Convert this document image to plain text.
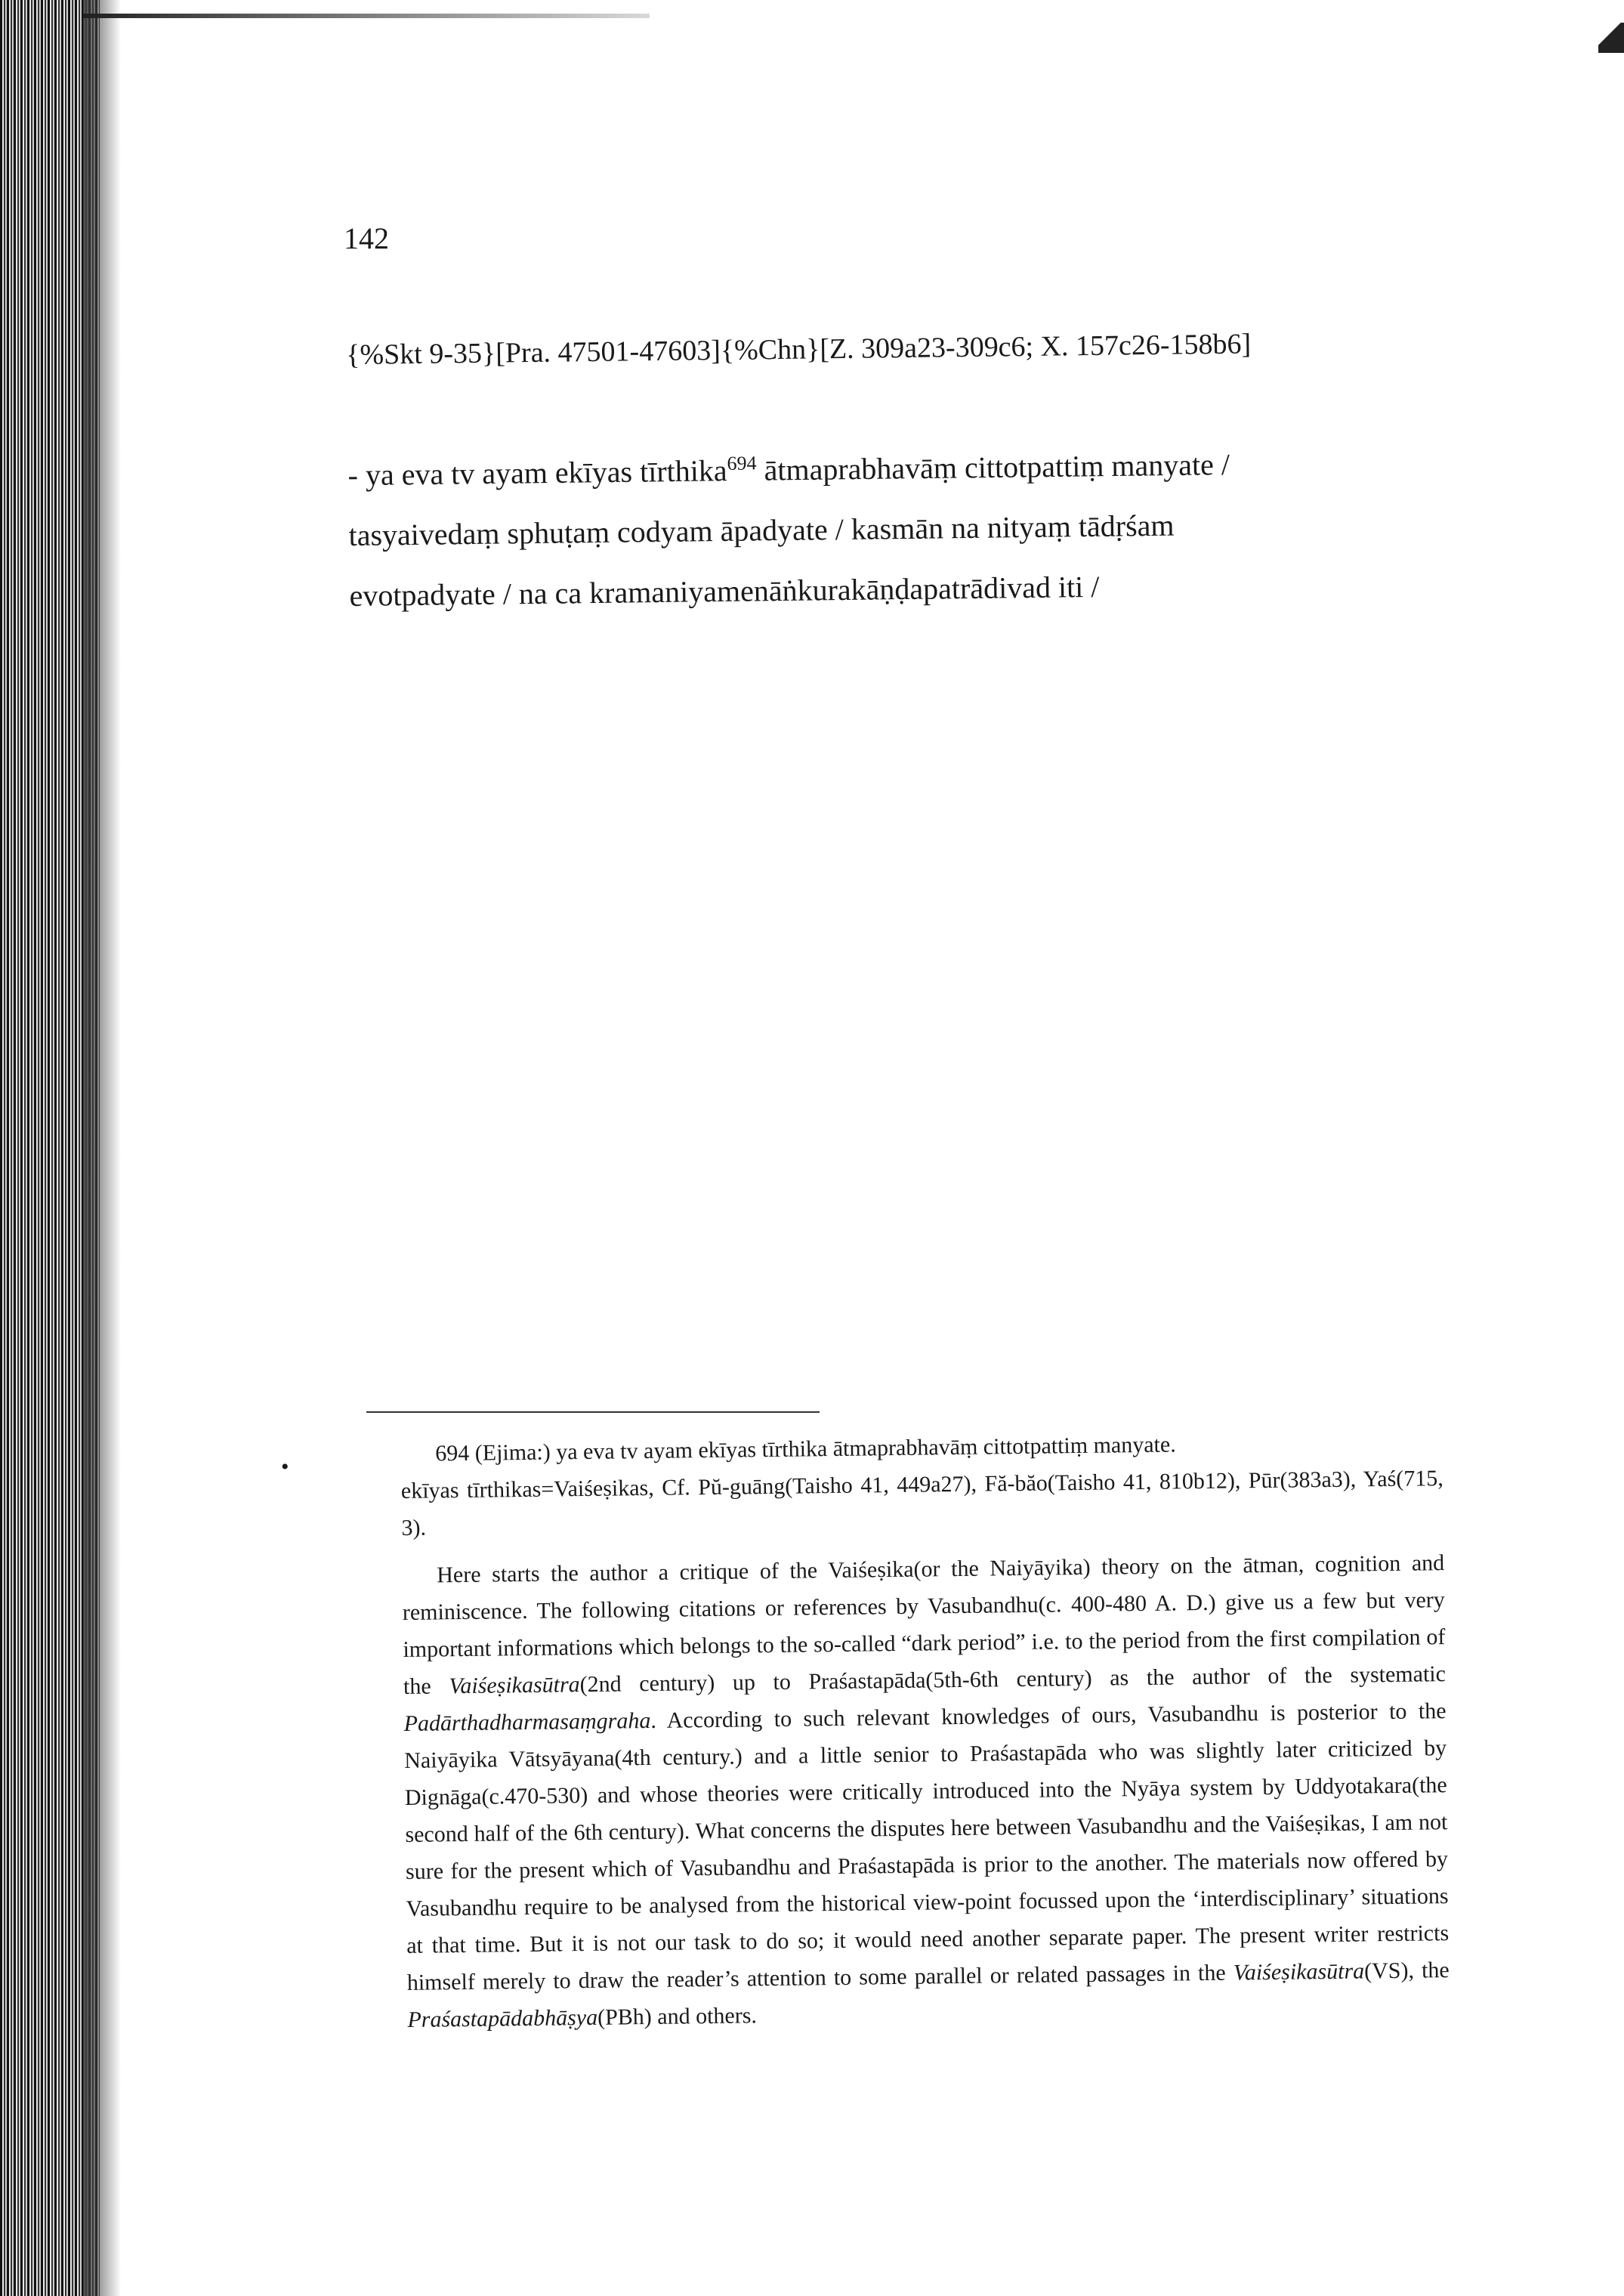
142
{%Skt 9-35}[Pra. 47501-47603]{%Chn}[Z. 309a23-309c6; X. 157c26-158b6]
- ya eva tv ayam ekīyas tīrthika$^{694}$ ātmaprabhavāṃ cittotpattiṃ manyate /
tasyaivedaṃ sphuṭaṃ codyam āpadyate / kasmān na nityaṃ tādṛśam
evotpadyate / na ca kramaniyamenāṅkurakāṇḍapatrādivad iti /
•

694 (Ejima:) ya eva tv ayam ekīyas tīrthika ātmaprabhavāṃ cittotpattiṃ manyate.

ekīyas tīrthikas=Vaiśeṣikas, Cf. Pŭ-guāng(Taisho 41, 449a27), Fă-băo(Taisho 41, 810b12), Pūr(383a3), Yaś(715, 3).

Here starts the author a critique of the Vaiśeṣika(or the Naiyāyika) theory on the ātman, cognition and reminiscence. The following citations or references by Vasubandhu(c. 400-480 A. D.) give us a few but very important informations which belongs to the so-called “dark period” i.e. to the period from the first compilation of the Vaiśeṣikasūtra(2nd century) up to Praśastapāda(5th-6th century) as the author of the systematic Padārthadharmasaṃgraha. According to such relevant knowledges of ours, Vasubandhu is posterior to the Naiyāyika Vātsyāyana(4th century.) and a little senior to Praśastapāda who was slightly later criticized by Dignāga(c.470-530) and whose theories were critically introduced into the Nyāya system by Uddyotakara(the second half of the 6th century). What concerns the disputes here between Vasubandhu and the Vaiśeṣikas, I am not sure for the present which of Vasubandhu and Praśastapāda is prior to the another. The materials now offered by Vasubandhu require to be analysed from the historical view-point focussed upon the ‘interdisciplinary’ situations at that time. But it is not our task to do so; it would need another separate paper. The present writer restricts himself merely to draw the reader’s attention to some parallel or related passages in the Vaiśeṣikasūtra(VS), the Praśastapādabhāṣya(PBh) and others.
